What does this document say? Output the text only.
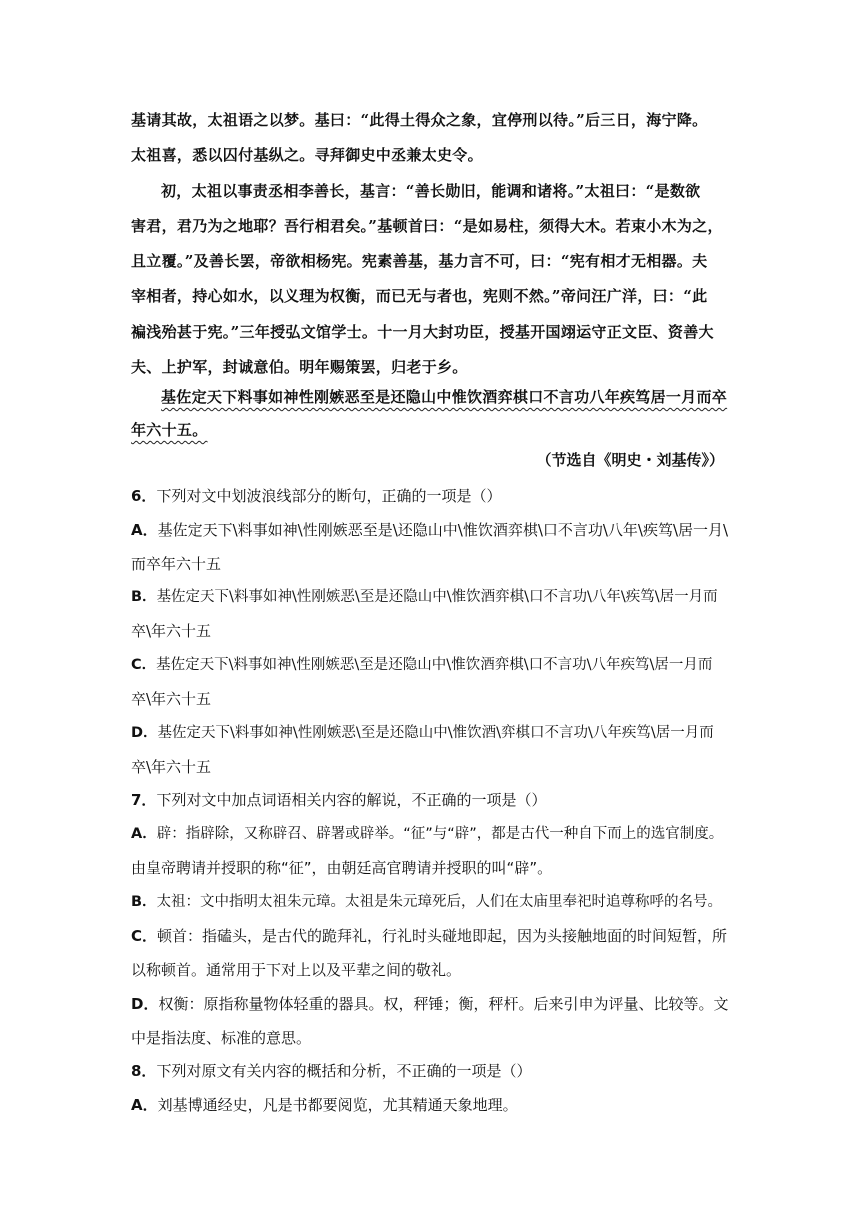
基请其故，太祖语之以梦。基曰：“此得土得众之象，宜停刑以待。”后三日，海宁降。
太祖喜，悉以囚付基纵之。寻拜御史中丞兼太史令。
初，太祖以事责丞相李善长，基言：“善长勋旧，能调和诸将。”太祖曰：“是数欲
害君，君乃为之地耶？吾行相君矣。”基顿首曰：“是如易柱，须得大木。若束小木为之，
且立覆。”及善长罢，帝欲相杨宪。宪素善基，基力言不可，曰：“宪有相才无相器。夫
宰相者，持心如水，以义理为权衡，而已无与者也，宪则不然。”帝问汪广洋，曰：“此
褊浅殆甚于宪。”三年授弘文馆学士。十一月大封功臣，授基开国翊运守正文臣、资善大
夫、上护军，封诚意伯。明年赐策罢，归老于乡。
基佐定天下料事如神性刚嫉恶至是还隐山中惟饮酒弈棋口不言功八年疾笃居一月而卒
年六十五。
（节选自《明史・刘基传》）
6．下列对文中划波浪线部分的断句，正确的一项是（）
A．基佐定天下\料事如神\性刚嫉恶至是\还隐山中\惟饮酒弈棋\口不言功\八年\疾笃\居一月\
而卒年六十五
B．基佐定天下\料事如神\性刚嫉恶\至是还隐山中\惟饮酒弈棋\口不言功\八年\疾笃\居一月而
卒\年六十五
C．基佐定天下\料事如神\性刚嫉恶\至是还隐山中\惟饮酒弈棋\口不言功\八年疾笃\居一月而
卒\年六十五
D．基佐定天下\料事如神\性刚嫉恶\至是还隐山中\惟饮酒\弈棋口不言功\八年疾笃\居一月而
卒\年六十五
7．下列对文中加点词语相关内容的解说，不正确的一项是（）
A．辟：指辟除，又称辟召、辟署或辟举。“征”与“辟”，都是古代一种自下而上的选官制度。
由皇帝聘请并授职的称“征”，由朝廷高官聘请并授职的叫“辟”。
B．太祖：文中指明太祖朱元璋。太祖是朱元璋死后，人们在太庙里奉祀时追尊称呼的名号。
C．顿首：指磕头，是古代的跪拜礼，行礼时头碰地即起，因为头接触地面的时间短暂，所
以称顿首。通常用于下对上以及平辈之间的敬礼。
D．权衡：原指称量物体轻重的器具。权，秤锤；衡，秤杆。后来引申为评量、比较等。文
中是指法度、标准的意思。
8．下列对原文有关内容的概括和分析，不正确的一项是（）
A．刘基博通经史，凡是书都要阅览，尤其精通天象地理。
